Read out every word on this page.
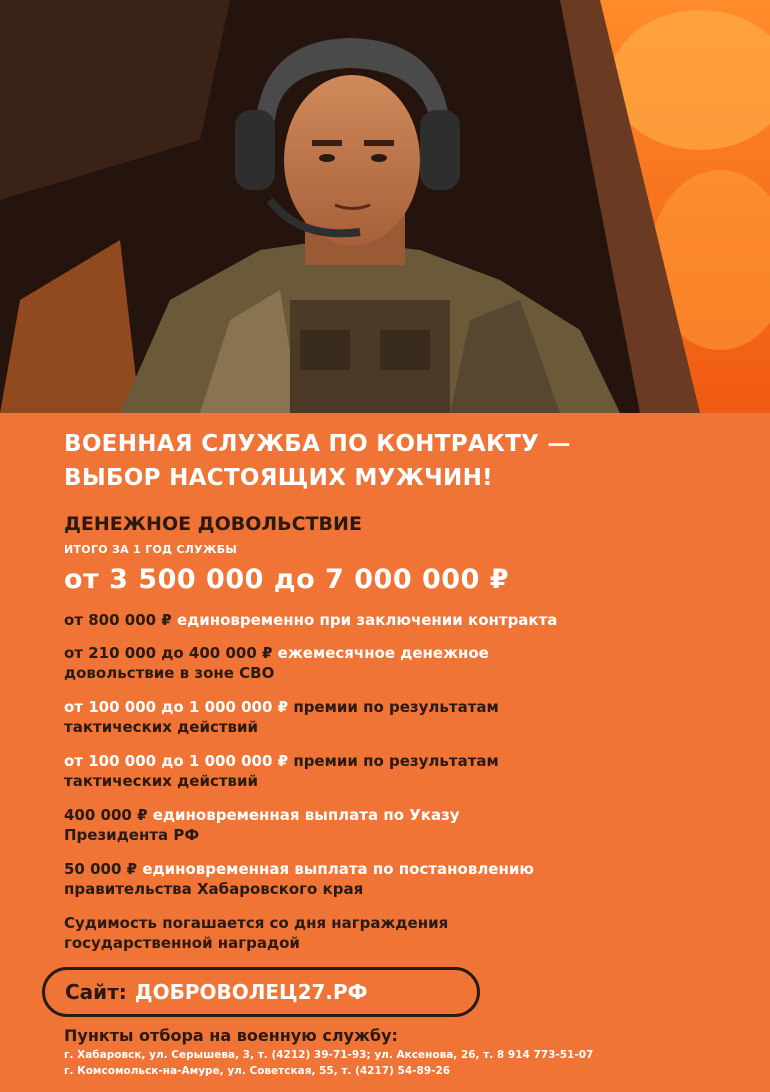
ВОЕННАЯ СЛУЖБА ПО КОНТРАКТУ —

ВЫБОР НАСТОЯЩИХ МУЖЧИН!

ДЕНЕЖНОЕ ДОВОЛЬСТВИЕ

ИТОГО ЗА 1 ГОД СЛУЖБЫ

от 3 500 000 до 7 000 000 ₽

от 800 000 ₽ единовременно при заключении контракта
от 210 000 до 400 000 ₽ ежемесячное денежное
довольствие в зоне СВО
от 100 000 до 1 000 000 ₽ премии по результатам
тактических действий
от 100 000 до 1 000 000 ₽ премии по результатам
тактических действий
400 000 ₽ единовременная выплата по Указу
Президента РФ
50 000 ₽ единовременная выплата по постановлению
правительства Хабаровского края
Судимость погашается со дня награждения
государственной наградой
Сайт: ДОБРОВОЛЕЦ27.РФ

Пункты отбора на военную службу:

г. Хабаровск, ул. Серышева, 3, т. (4212) 39-71-93; ул. Аксенова, 26, т. 8 914 773-51-07

г. Комсомольск-на-Амуре, ул. Советская, 55, т. (4217) 54-89-26
